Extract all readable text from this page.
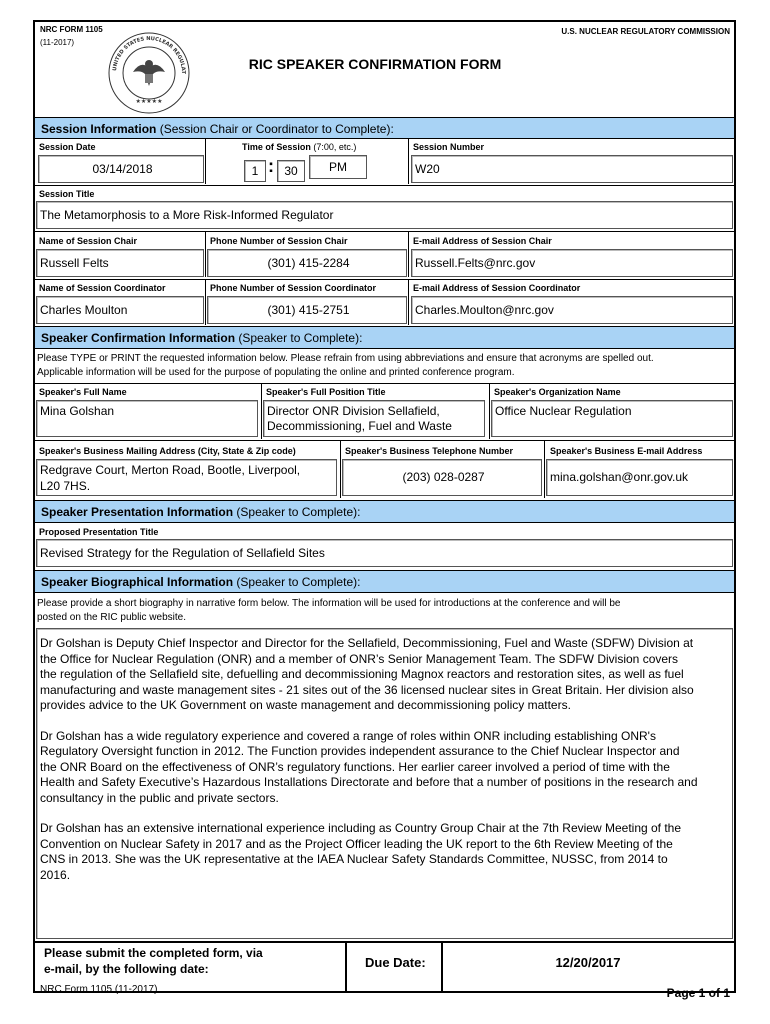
NRC FORM 1105
(11-2017)
U.S. NUCLEAR REGULATORY COMMISSION
★★★★★
UNITED STATES NUCLEAR REGULAT
RIC SPEAKER CONFIRMATION FORM
Session Information (Session Chair or Coordinator to Complete):
Session Date	Time of Session (7:00, etc.)	Session Number
03/14/2018	1 : 30	PM	W20
Session Title
The Metamorphosis to a More Risk-Informed Regulator
Name of Session Chair	Phone Number of Session Chair	E-mail Address of Session Chair
Russell Felts	(301) 415-2284	Russell.Felts@nrc.gov
Name of Session Coordinator	Phone Number of Session Coordinator	E-mail Address of Session Coordinator
Charles Moulton	(301) 415-2751	Charles.Moulton@nrc.gov
Speaker Confirmation Information (Speaker to Complete):
Please TYPE or PRINT the requested information below. Please refrain from using abbreviations and ensure that acronyms are spelled out.
Applicable information will be used for the purpose of populating the online and printed conference program.
Speaker's Full Name	Speaker's Full Position Title	Speaker's Organization Name
Mina Golshan	Director ONR Division Sellafield,
Decommissioning, Fuel and Waste
Office Nuclear Regulation
Speaker's Business Mailing Address (City, State & Zip code)	Speaker's Business Telephone Number	Speaker's Business E-mail Address
Redgrave Court, Merton Road, Bootle, Liverpool,
L20 7HS.
(203) 028-0287	mina.golshan@onr.gov.uk
Speaker Presentation Information (Speaker to Complete):
Proposed Presentation Title
Revised Strategy for the Regulation of Sellafield Sites
Speaker Biographical Information (Speaker to Complete):
Please provide a short biography in narrative form below. The information will be used for introductions at the conference and will be
posted on the RIC public website.
Dr Golshan is Deputy Chief Inspector and Director for the Sellafield, Decommissioning, Fuel and Waste (SDFW) Division at
the Office for Nuclear Regulation (ONR) and a member of ONR’s Senior Management Team. The SDFW Division covers
the regulation of the Sellafield site, defuelling and decommissioning Magnox reactors and restoration sites, as well as fuel
manufacturing and waste management sites - 21 sites out of the 36 licensed nuclear sites in Great Britain. Her division also
provides advice to the UK Government on waste management and decommissioning policy matters.
Dr Golshan has a wide regulatory experience and covered a range of roles within ONR including establishing ONR's
Regulatory Oversight function in 2012. The Function provides independent assurance to the Chief Nuclear Inspector and
the ONR Board on the effectiveness of ONR’s regulatory functions. Her earlier career involved a period of time with the
Health and Safety Executive’s Hazardous Installations Directorate and before that a number of positions in the research and
consultancy in the public and private sectors.
Dr Golshan has an extensive international experience including as Country Group Chair at the 7th Review Meeting of the
Convention on Nuclear Safety in 2017 and as the Project Officer leading the UK report to the 6th Review Meeting of the
CNS in 2013. She was the UK representative at the IAEA Nuclear Safety Standards Committee, NUSSC, from 2014 to
2016.
Please submit the completed form, via
e-mail, by the following date:	Due Date:	12/20/2017
NRC Form 1105 (11-2017)	Page 1 of 1
